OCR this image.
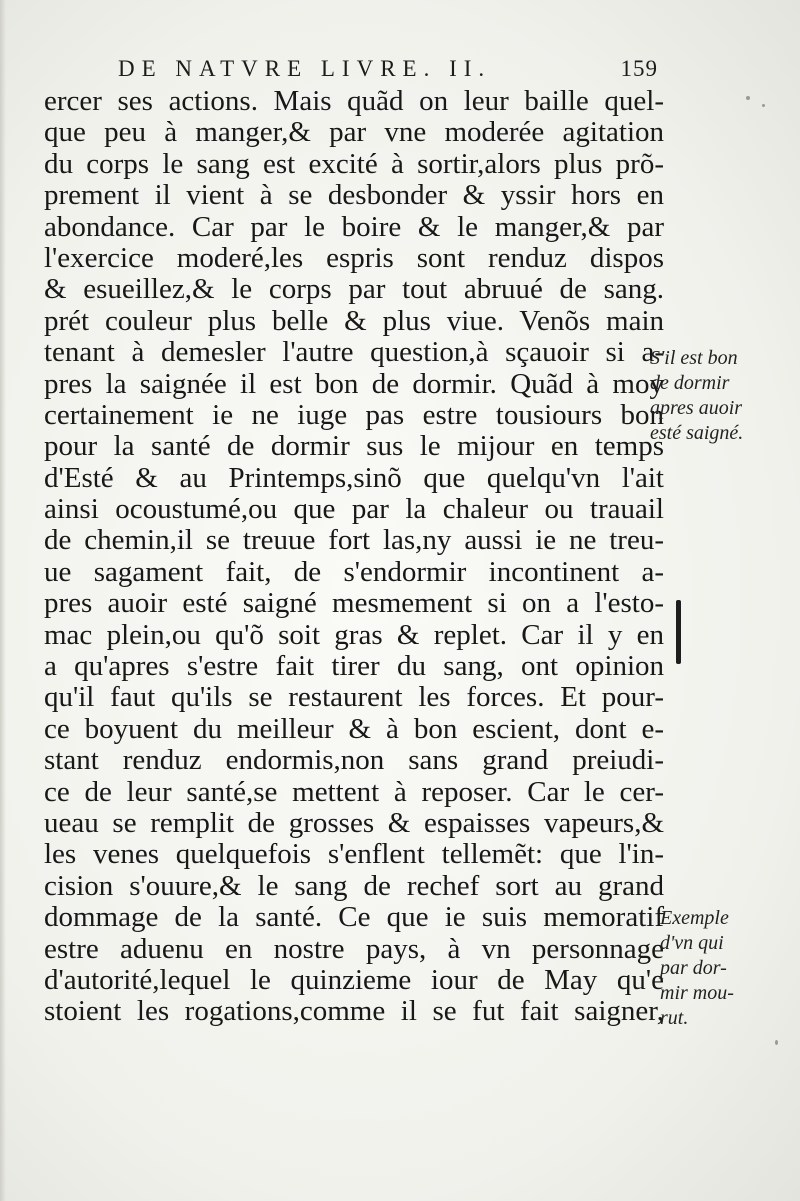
DE NATVRE LIVRE. II.	159
ercer ses actions. Mais quãd on leur baille quel-
que peu à manger,& par vne moderée agitation
du corps le sang est excité à sortir,alors plus prõ-
prement il vient à se desbonder & yssir hors en
abondance. Car par le boire & le manger,& par
l'exercice moderé,les espris sont renduz dispos
& esueillez,& le corps par tout abruué de sang.
prét couleur plus belle & plus viue. Venõs main
tenant à demesler l'autre question,à sçauoir si a-
pres la saignée il est bon de dormir. Quãd à moy
certainement ie ne iuge pas estre tousiours bon
pour la santé de dormir sus le mijour en temps
d'Esté & au Printemps,sinõ que quelqu'vn l'ait
ainsi ocoustumé,ou que par la chaleur ou trauail
de chemin,il se treuue fort las,ny aussi ie ne treu-
ue sagament fait, de s'endormir incontinent a-
pres auoir esté saigné mesmement si on a l'esto-
mac plein,ou qu'õ soit gras & replet. Car il y en
a qu'apres s'estre fait tirer du sang, ont opinion
qu'il faut qu'ils se restaurent les forces. Et pour-
ce boyuent du meilleur & à bon escient, dont e-
stant renduz endormis,non sans grand preiudi-
ce de leur santé,se mettent à reposer. Car le cer-
ueau se remplit de grosses & espaisses vapeurs,&
les venes quelquefois s'enflent tellemẽt: que l'in-
cision s'ouure,& le sang de rechef sort au grand
dommage de la santé. Ce que ie suis memoratif
estre aduenu en nostre pays, à vn personnage
d'autorité,lequel le quinzieme iour de May qu'e
stoient les rogations,comme il se fut fait saigner,
S'il est bon
de dormir
apres auoir
esté saigné.
Exemple
d'vn qui
par dor-
mir mou-
rut.
